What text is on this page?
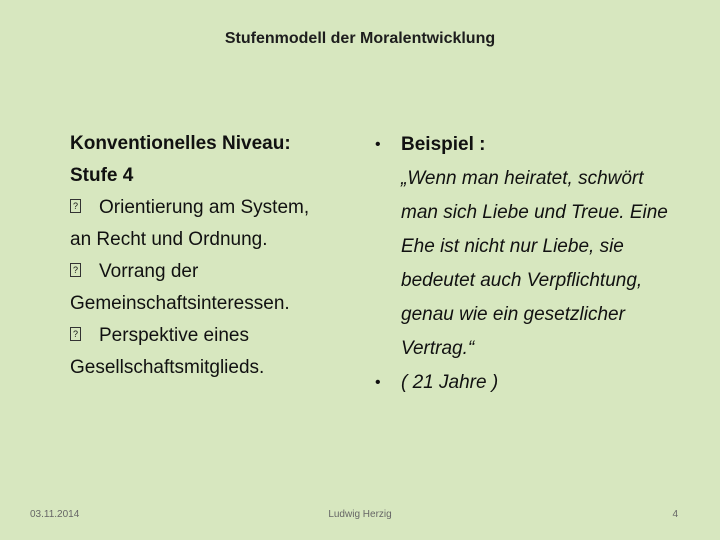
Stufenmodell der Moralentwicklung
Konventionelles Niveau:
Stufe 4
? Orientierung am System,
an Recht und Ordnung.
? Vorrang der
Gemeinschaftsinteressen.
? Perspektive eines
Gesellschaftsmitglieds.
• Beispiel :
„Wenn man heiratet, schwört man sich Liebe und Treue. Eine Ehe ist nicht nur Liebe, sie bedeutet auch Verpflichtung, genau wie ein gesetzlicher Vertrag.“
• ( 21 Jahre )
03.11.2014	Ludwig Herzig	4
